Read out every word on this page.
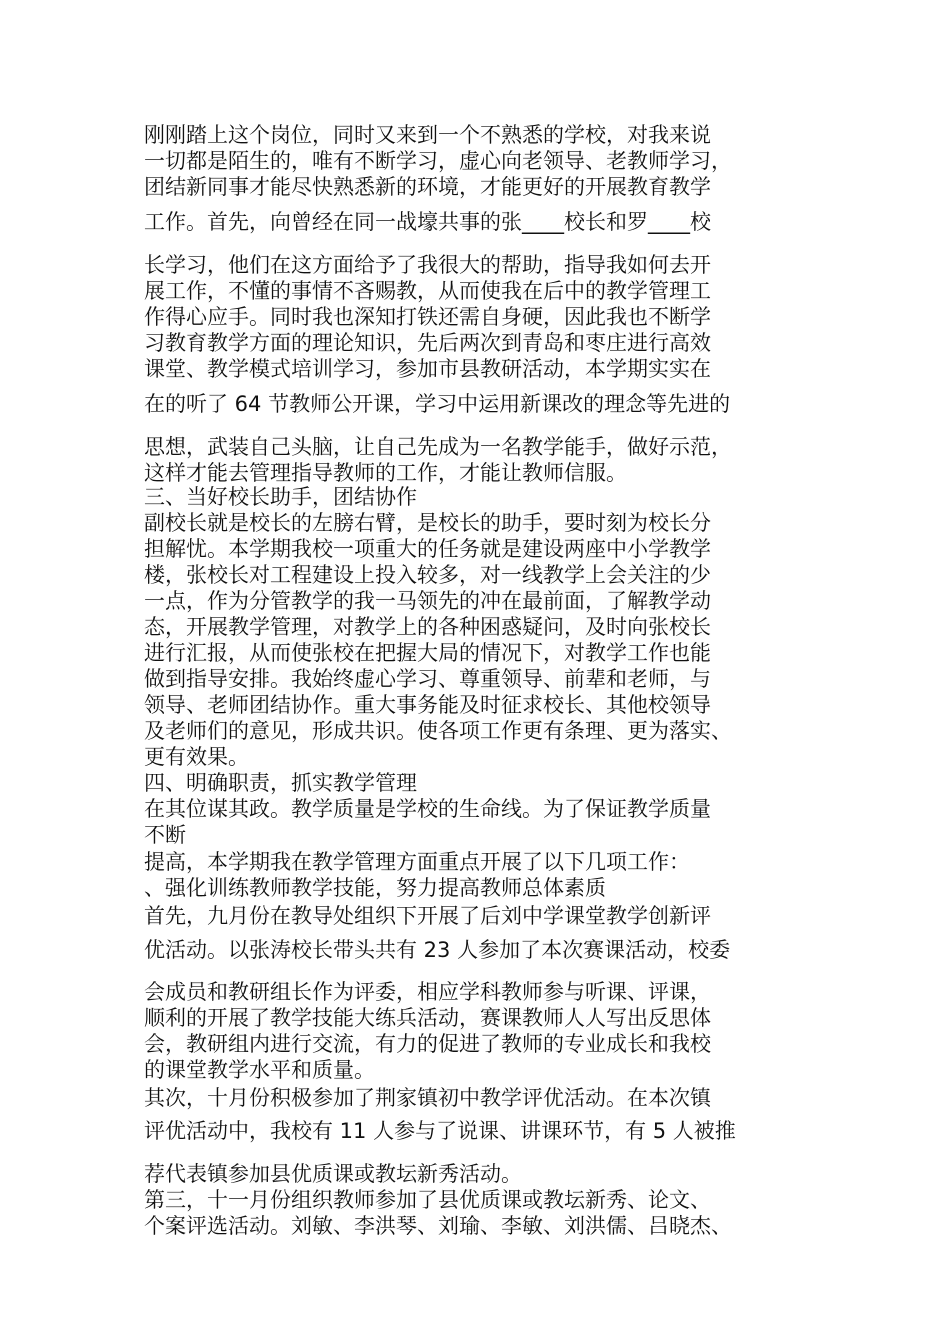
刚刚踏上这个岗位，同时又来到一个不熟悉的学校，对我来说
一切都是陌生的，唯有不断学习，虚心向老领导、老教师学习，
团结新同事才能尽快熟悉新的环境，才能更好的开展教育教学
工作。首先，向曾经在同一战壕共事的张____校长和罗____校
长学习，他们在这方面给予了我很大的帮助，指导我如何去开
展工作，不懂的事情不吝赐教，从而使我在后中的教学管理工
作得心应手。同时我也深知打铁还需自身硬，因此我也不断学
习教育教学方面的理论知识，先后两次到青岛和枣庄进行高效
课堂、教学模式培训学习，参加市县教研活动，本学期实实在
在的听了 64 节教师公开课，学习中运用新课改的理念等先进的
思想，武装自己头脑，让自己先成为一名教学能手，做好示范，
这样才能去管理指导教师的工作，才能让教师信服。
三、当好校长助手，团结协作
副校长就是校长的左膀右臂，是校长的助手，要时刻为校长分
担解忧。本学期我校一项重大的任务就是建设两座中小学教学
楼，张校长对工程建设上投入较多，对一线教学上会关注的少
一点，作为分管教学的我一马领先的冲在最前面，了解教学动
态，开展教学管理，对教学上的各种困惑疑问，及时向张校长
进行汇报，从而使张校在把握大局的情况下，对教学工作也能
做到指导安排。我始终虚心学习、尊重领导、前辈和老师，与
领导、老师团结协作。重大事务能及时征求校长、其他校领导
及老师们的意见，形成共识。使各项工作更有条理、更为落实、
更有效果。
四、明确职责，抓实教学管理
在其位谋其政。教学质量是学校的生命线。为了保证教学质量
不断
提高，本学期我在教学管理方面重点开展了以下几项工作：
、强化训练教师教学技能，努力提高教师总体素质
首先，九月份在教导处组织下开展了后刘中学课堂教学创新评
优活动。以张涛校长带头共有 23 人参加了本次赛课活动，校委
会成员和教研组长作为评委，相应学科教师参与听课、评课，
顺利的开展了教学技能大练兵活动，赛课教师人人写出反思体
会，教研组内进行交流，有力的促进了教师的专业成长和我校
的课堂教学水平和质量。
其次，十月份积极参加了荆家镇初中教学评优活动。在本次镇
评优活动中，我校有 11 人参与了说课、讲课环节，有 5 人被推
荐代表镇参加县优质课或教坛新秀活动。
第三，十一月份组织教师参加了县优质课或教坛新秀、论文、
个案评选活动。刘敏、李洪琴、刘瑜、李敏、刘洪儒、吕晓杰、
